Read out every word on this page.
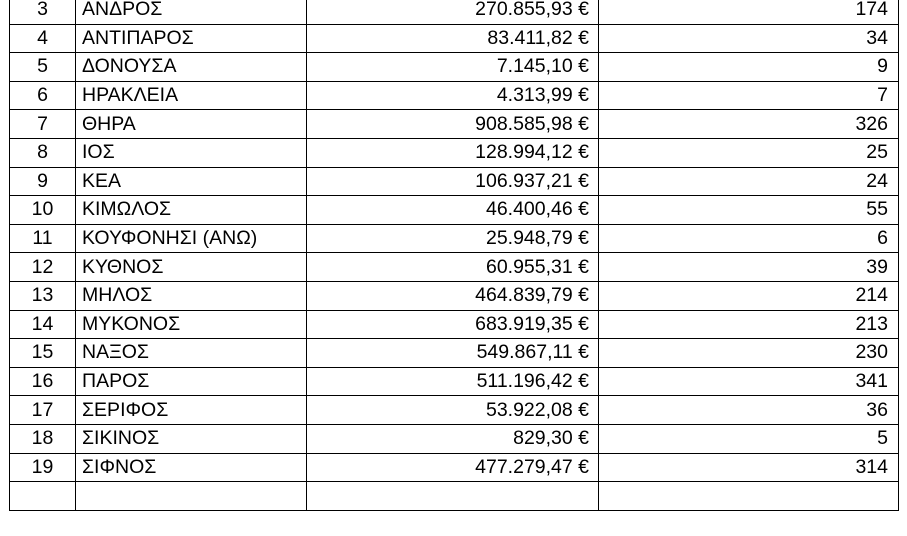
3	ΑΝΔΡΟΣ	270.855,93 €	174
4	ΑΝΤΙΠΑΡΟΣ	83.411,82 €	34
5	ΔΟΝΟΥΣΑ	7.145,10 €	9
6	ΗΡΑΚΛΕΙΑ	4.313,99 €	7
7	ΘΗΡΑ	908.585,98 €	326
8	ΙΟΣ	128.994,12 €	25
9	ΚΕΑ	106.937,21 €	24
10	ΚΙΜΩΛΟΣ	46.400,46 €	55
11	ΚΟΥΦΟΝΗΣΙ (ΑΝΩ)	25.948,79 €	6
12	ΚΥΘΝΟΣ	60.955,31 €	39
13	ΜΗΛΟΣ	464.839,79 €	214
14	ΜΥΚΟΝΟΣ	683.919,35 €	213
15	ΝΑΞΟΣ	549.867,11 €	230
16	ΠΑΡΟΣ	511.196,42 €	341
17	ΣΕΡΙΦΟΣ	53.922,08 €	36
18	ΣΙΚΙΝΟΣ	829,30 €	5
19	ΣΙΦΝΟΣ	477.279,47 €	314
